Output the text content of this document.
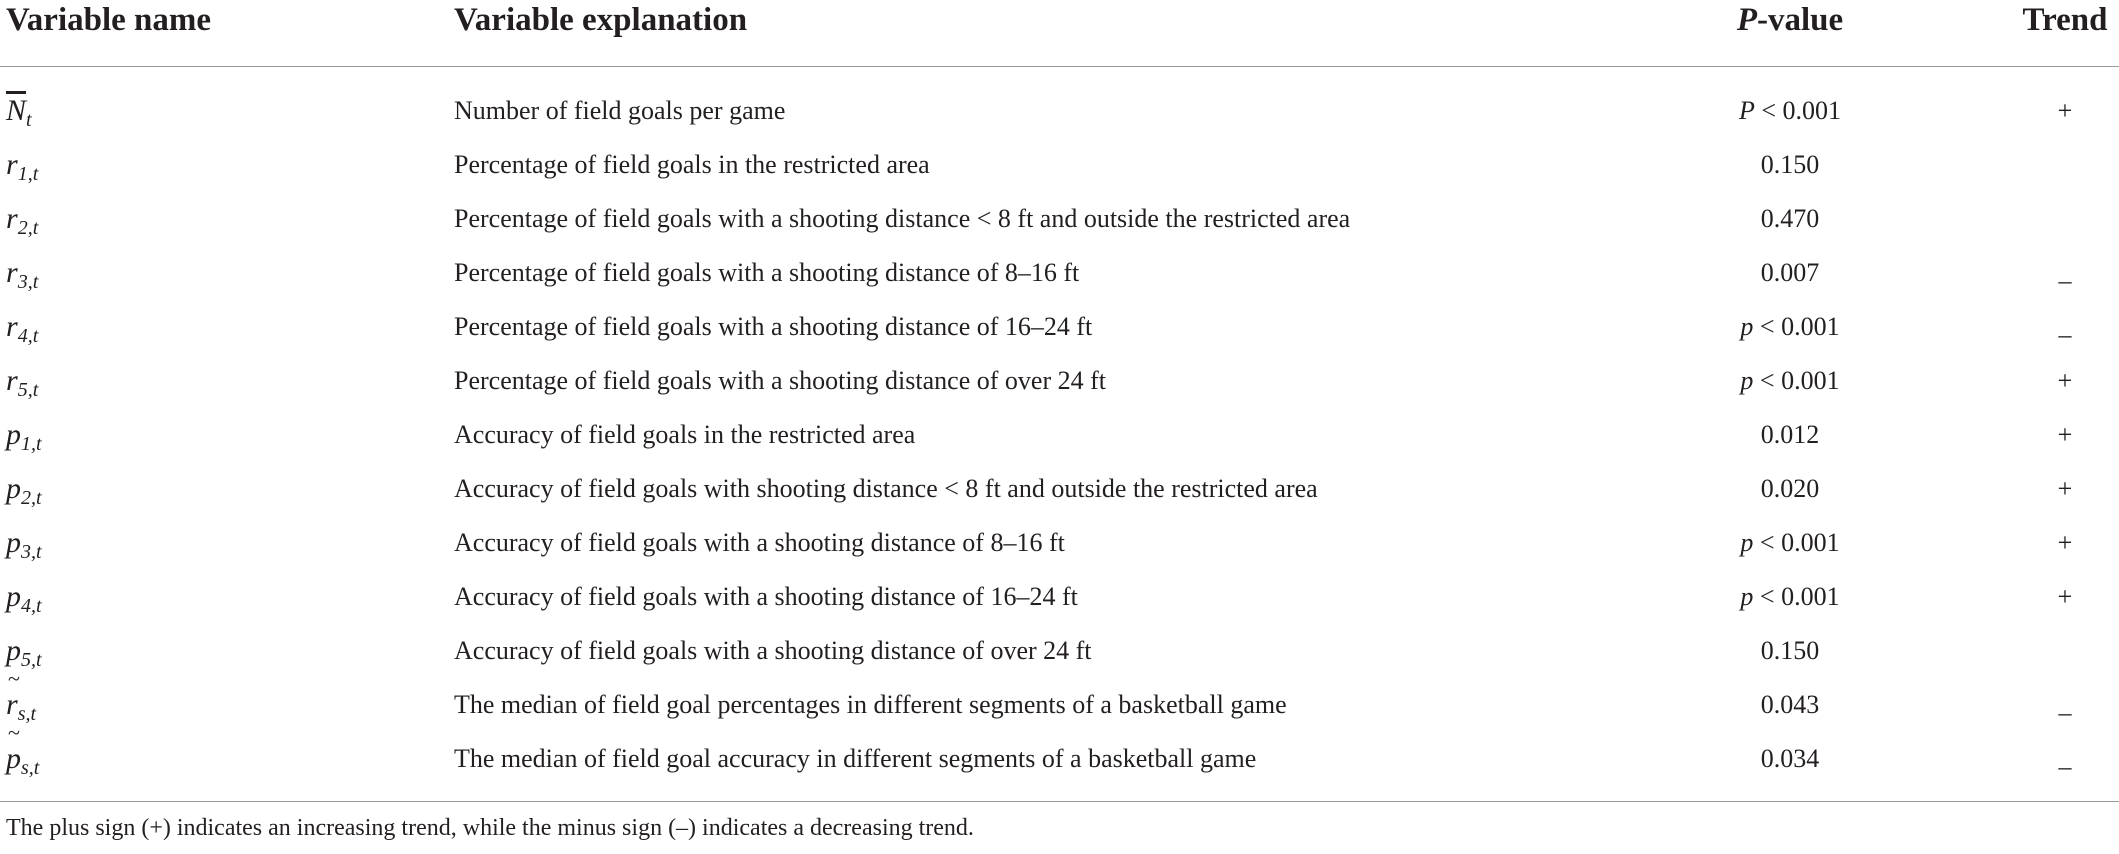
Variable name	Variable explanation	P-value	Trend
$\overline{N}_t$	Number of field goals per game	P < 0.001	+
$r_{1,t}$	Percentage of field goals in the restricted area	0.150
$r_{2,t}$	Percentage of field goals with a shooting distance < 8 ft and outside the restricted area	0.470
$r_{3,t}$	Percentage of field goals with a shooting distance of 8–16 ft	0.007	–
$r_{4,t}$	Percentage of field goals with a shooting distance of 16–24 ft	p < 0.001	–
$r_{5,t}$	Percentage of field goals with a shooting distance of over 24 ft	p < 0.001	+
$p_{1,t}$	Accuracy of field goals in the restricted area	0.012	+
$p_{2,t}$	Accuracy of field goals with shooting distance < 8 ft and outside the restricted area	0.020	+
$p_{3,t}$	Accuracy of field goals with a shooting distance of 8–16 ft	p < 0.001	+
$p_{4,t}$	Accuracy of field goals with a shooting distance of 16–24 ft	p < 0.001	+
$p_{5,t}$	Accuracy of field goals with a shooting distance of over 24 ft	0.150
~ $r_{s,t}$	The median of field goal percentages in different segments of a basketball game	0.043	–
~ $p_{s,t}$	The median of field goal accuracy in different segments of a basketball game	0.034	–
The plus sign (+) indicates an increasing trend, while the minus sign (–) indicates a decreasing trend.
